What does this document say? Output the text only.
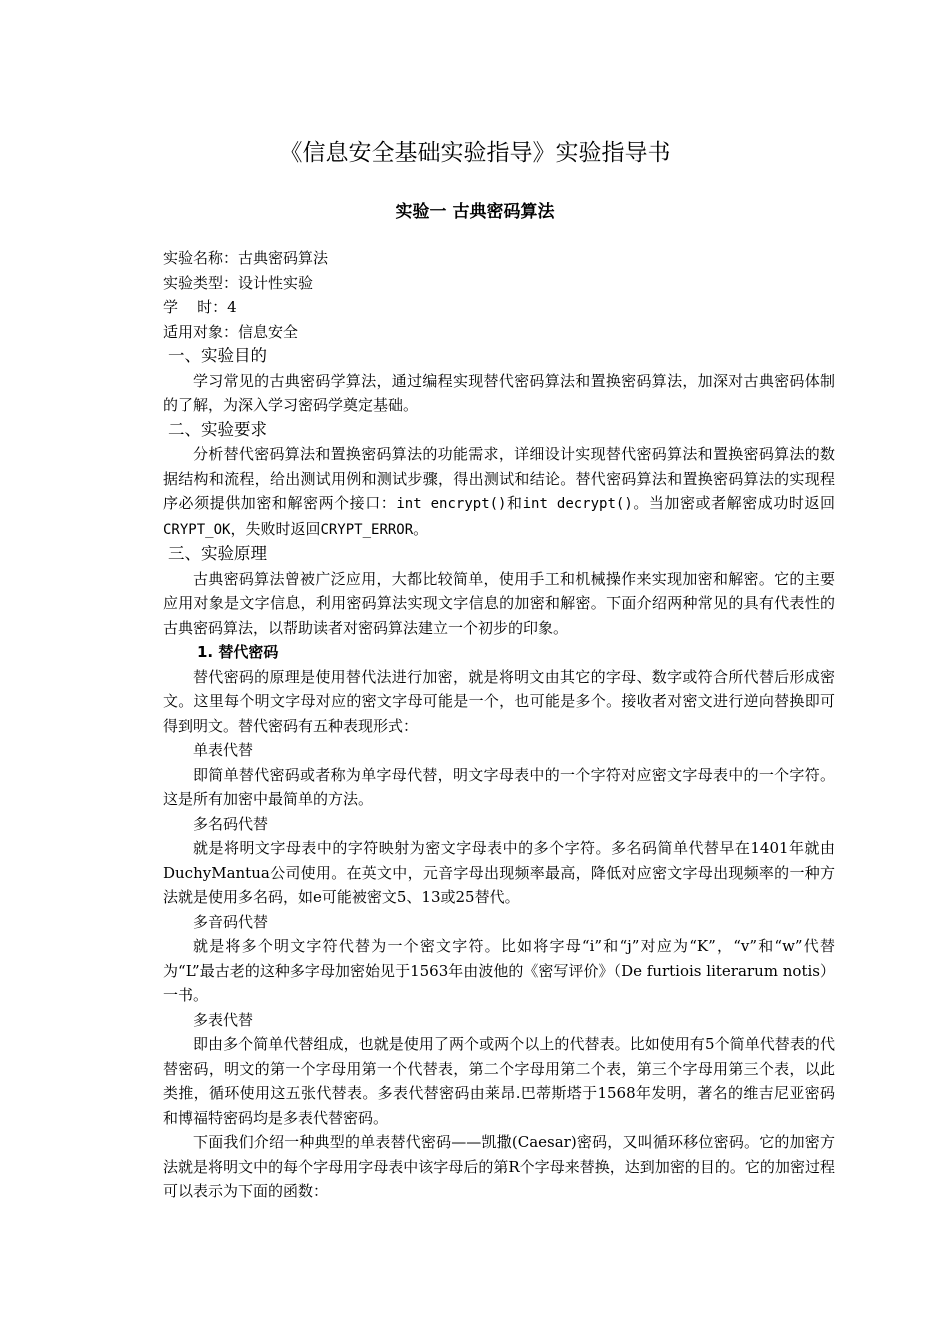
《信息安全基础实验指导》实验指导书
实验一 古典密码算法
实验名称：古典密码算法
实验类型：设计性实验
学    时：4
适用对象：信息安全
一、实验目的

学习常见的古典密码学算法，通过编程实现替代密码算法和置换密码算法，加深对古典密码体制的了解，为深入学习密码学奠定基础。

二、实验要求

分析替代密码算法和置换密码算法的功能需求，详细设计实现替代密码算法和置换密码算法的数据结构和流程，给出测试用例和测试步骤，得出测试和结论。替代密码算法和置换密码算法的实现程序必须提供加密和解密两个接口：int encrypt()和int decrypt()。当加密或者解密成功时返回CRYPT_OK，失败时返回CRYPT_ERROR。

三、实验原理

古典密码算法曾被广泛应用，大都比较简单，使用手工和机械操作来实现加密和解密。它的主要应用对象是文字信息，利用密码算法实现文字信息的加密和解密。下面介绍两种常见的具有代表性的古典密码算法，以帮助读者对密码算法建立一个初步的印象。

1. 替代密码

替代密码的原理是使用替代法进行加密，就是将明文由其它的字母、数字或符合所代替后形成密文。这里每个明文字母对应的密文字母可能是一个，也可能是多个。接收者对密文进行逆向替换即可得到明文。替代密码有五种表现形式：

单表代替

即简单替代密码或者称为单字母代替，明文字母表中的一个字符对应密文字母表中的一个字符。这是所有加密中最简单的方法。

多名码代替

就是将明文字母表中的字符映射为密文字母表中的多个字符。多名码简单代替早在1401年就由DuchyMantua公司使用。在英文中，元音字母出现频率最高，降低对应密文字母出现频率的一种方法就是使用多名码，如e可能被密文5、13或25替代。

多音码代替

就是将多个明文字符代替为一个密文字符。比如将字母“i”和“j”对应为“K”，“v”和“w”代替为“L”最古老的这种多字母加密始见于1563年由波他的《密写评价》（De furtiois literarum notis）一书。

多表代替

即由多个简单代替组成，也就是使用了两个或两个以上的代替表。比如使用有5个简单代替表的代替密码，明文的第一个字母用第一个代替表，第二个字母用第二个表，第三个字母用第三个表，以此类推，循环使用这五张代替表。多表代替密码由莱昂.巴蒂斯塔于1568年发明，著名的维吉尼亚密码和博福特密码均是多表代替密码。

下面我们介绍一种典型的单表替代密码——凯撒(Caesar)密码，又叫循环移位密码。它的加密方法就是将明文中的每个字母用字母表中该字母后的第R个字母来替换，达到加密的目的。它的加密过程可以表示为下面的函数：
